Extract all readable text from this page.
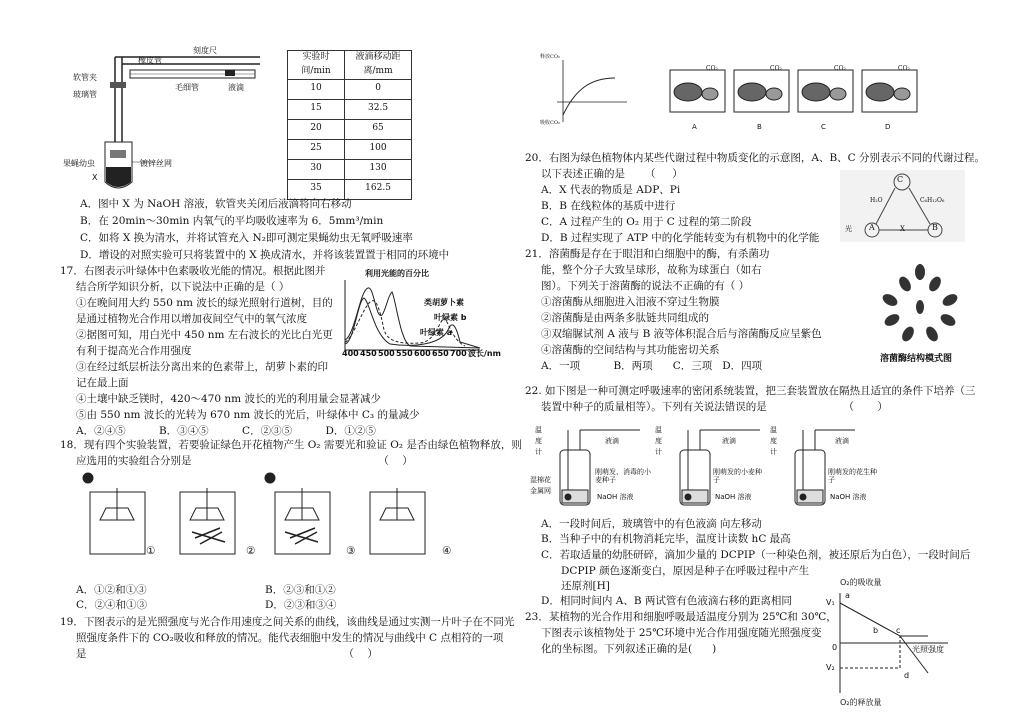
刻度尺
橡皮管
软管夹
玻璃管
毛细管	液滴
果蝇幼虫
X
镀锌丝网
实验时间/min	液滴移动距离/mm
10	0
15	32.5
20	65
25	100
30	130
35	162.5
A．图中 X 为 NaOH 溶液，软管夹关闭后液滴将向右移动
B．在 20min～30min 内氧气的平均吸收速率为 6．5mm³/min
C．如将 X 换为清水，并将试管充入 N₂即可测定果蝇幼虫无氧呼吸速率
D．增设的对照实验可只将装置中的 X 换成清水，并将该装置置于相同的环境中
17．右图表示叶绿体中色素吸收光能的情况。根据此图并
结合所学知识分析，以下说法中正确的是（ ）
①在晚间用大约 550 nm 波长的绿光照射行道树，目的
是通过植物光合作用以增加夜间空气中的氧气浓度
②据图可知，用白光中 450 nm 左右波长的光比白光更
有利于提高光合作用强度
③在经过纸层析法分离出来的色素带上，胡萝卜素的印
记在最上面
④土壤中缺乏镁时，420～470 nm 波长的光的利用量会显著减少
⑤由 550 nm 波长的光转为 670 nm 波长的光后，叶绿体中 C₃ 的量减少
A．②④⑤          B．③④⑤          C．②③⑤          D．①②⑤
利用光能的百分比
类胡萝卜素
叶绿素 b
叶绿素 a
400 450 500 550 600 650 700 波长/nm
18．现有四个实验装置，若要验证绿色开花植物产生 O₂ 需要光和验证 O₂ 是否由绿色植物释放，则
应选用的实验组合分别是                                                        （    ）
①	②	③	④
A．①②和①③	B．②③和①②
C．②④和①③	D．②③和③④
19．下图表示的是光照强度与光合作用速度之间关系的曲线，该曲线是通过实测一片叶子在不同光
照强度条件下的 CO₂吸收和释放的情况。能代表细胞中发生的情况与曲线中 C 点相符的一项
是                                                                             （    ）
释放CO₂
吸收CO₂
CO₂	CO₂	CO₂	CO₂
A	B	C	D
20．右图为绿色植物体内某些代谢过程中物质变化的示意图，A、B、C 分别表示不同的代谢过程。
以下表述正确的是      （     ）
A．X 代表的物质是 ADP、Pi
B．B 在线粒体的基质中进行
C．A 过程产生的 O₂ 用于 C 过程的第二阶段
D．B 过程实现了 ATP 中的化学能转变为有机物中的化学能
C
A	B
X
H₂O	C₆H₁₂O₆
光
21．溶菌酶是存在于眼泪和白细胞中的酶，有杀菌功
能，整个分子大致呈球形，故称为球蛋白（如右
图）。下列关于溶菌酶的说法不正确的有（ ）
①溶菌酶从细胞进入泪液不穿过生物膜
②溶菌酶是由两条多肽链共同组成的
③双缩脲试剂 A 液与 B 液等体积混合后与溶菌酶反应呈紫色
④溶菌酶的空间结构与其功能密切关系
A．一项          B．两项      C．三项   D．四项
溶菌酶结构模式图
22. 如下图是一种可测定呼吸速率的密闭系统装置，把三套装置放在隔热且适宜的条件下培养（三
装置中种子的质量相等）。下列有关说法错误的是                       （       ）
温度计
温度计
温度计
液滴	液滴	液滴
湿棉花
金属网
刚萌发、消毒的小麦种子
刚萌发的小麦种子
刚萌发的花生种子
NaOH 溶液	NaOH 溶液	NaOH 溶液
A．一段时间后，玻璃管中的有色液滴 向左移动
B．当种子中的有机物消耗完毕，温度计读数 hC 最高
C．若取适量的幼胚研碎，滴加少量的 DCPIP（一种染色剂，被还原后为白色），一段时间后
DCPIP 颜色逐渐变白，原因是种子在呼吸过程中产生
还原剂[H]
D．相同时间内 A、B 两试管有色液滴右移的距离相同
23．某植物的光合作用和细胞呼吸最适温度分别为 25℃和 30℃，
下图表示该植物处于 25℃环境中光合作用强度随光照强度变
化的坐标图。下列叙述正确的是(      )
O₂的吸收量
O₂的释放量
V₁
V₂
a
b c
d
光照强度
0
